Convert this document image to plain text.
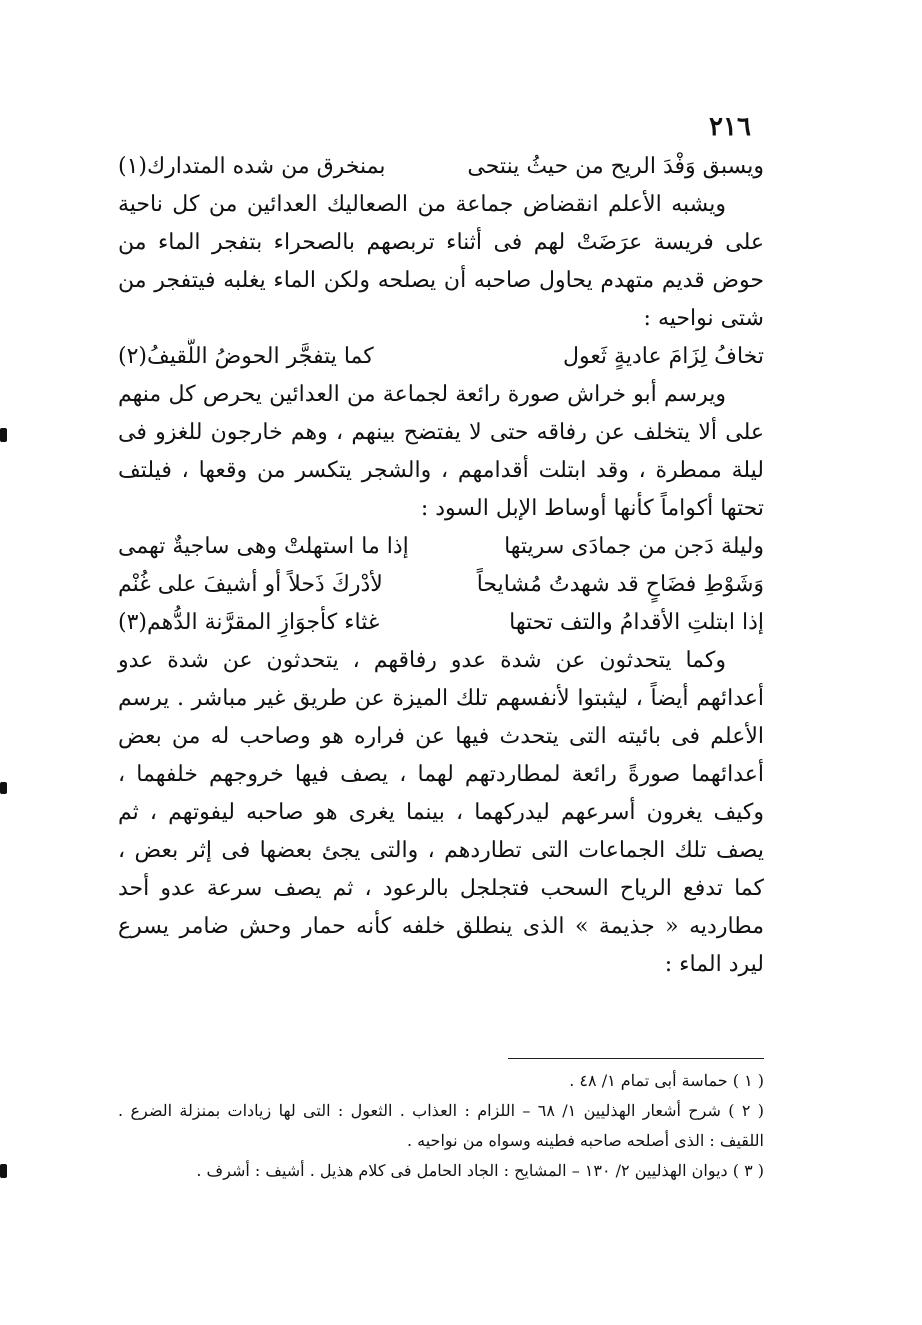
٢١٦
ويسبق وَفْدَ الريح من حيثُ ينتحى
بمنخرق من شده المتدارك(١)

ويشبه الأعلم انقضاض جماعة من الصعاليك العدائين من كل ناحية على فريسة عرَضَتْ لهم فى أثناء تربصهم بالصحراء بتفجر الماء من حوض قديم متهدم يحاول صاحبه أن يصلحه ولكن الماء يغلبه فيتفجر من شتى نواحيه :

تخافُ لِزَامَ عاديةٍ ثَعول
كما يتفجَّر الحوضُ اللَّقيفُ(٢)

ويرسم أبو خراش صورة رائعة لجماعة من العدائين يحرص كل منهم على ألا يتخلف عن رفاقه حتى لا يفتضح بينهم ، وهم خارجون للغزو فى ليلة ممطرة ، وقد ابتلت أقدامهم ، والشجر يتكسر من وقعها ، فيلتف تحتها أكواماً كأنها أوساط الإبل السود :

وليلة دَجن من جمادَى سريتها
إذا ما استهلتْ وهى ساجيةٌ تهمى
وَشَوْطِ فضَاحٍ قد شهدتُ مُشايحاً
لأدْركَ ذَحلاً أو أشيفَ على غُنْم
إذا ابتلتِ الأقدامُ والتف تحتها
غثاء كأجوَازِ المقرَّنة الدُّهم(٣)

وكما يتحدثون عن شدة عدو رفاقهم ، يتحدثون عن شدة عدو أعدائهم أيضاً ، ليثبتوا لأنفسهم تلك الميزة عن طريق غير مباشر . يرسم الأعلم فى بائيته التى يتحدث فيها عن فراره هو وصاحب له من بعض أعدائهما صورةً رائعة لمطاردتهم لهما ، يصف فيها خروجهم خلفهما ، وكيف يغرون أسرعهم ليدركهما ، بينما يغرى هو صاحبه ليفوتهم ، ثم يصف تلك الجماعات التى تطاردهم ، والتى يجئ بعضها فى إثر بعض ، كما تدفع الرياح السحب فتجلجل بالرعود ، ثم يصف سرعة عدو أحد مطارديه « جذيمة » الذى ينطلق خلفه كأنه حمار وحش ضامر يسرع ليرد الماء :

( ١ ) حماسة أبى تمام ١/ ٤٨ .

( ٢ ) شرح أشعار الهذليين ١/ ٦٨ – اللزام : العذاب . الثعول : التى لها زيادات بمنزلة الضرع . اللقيف : الذى أصلحه صاحبه فطينه وسواه من نواحيه .

( ٣ ) ديوان الهذليين ٢/ ١٣٠ – المشايح : الجاد الحامل فى كلام هذيل . أشيف : أشرف .
